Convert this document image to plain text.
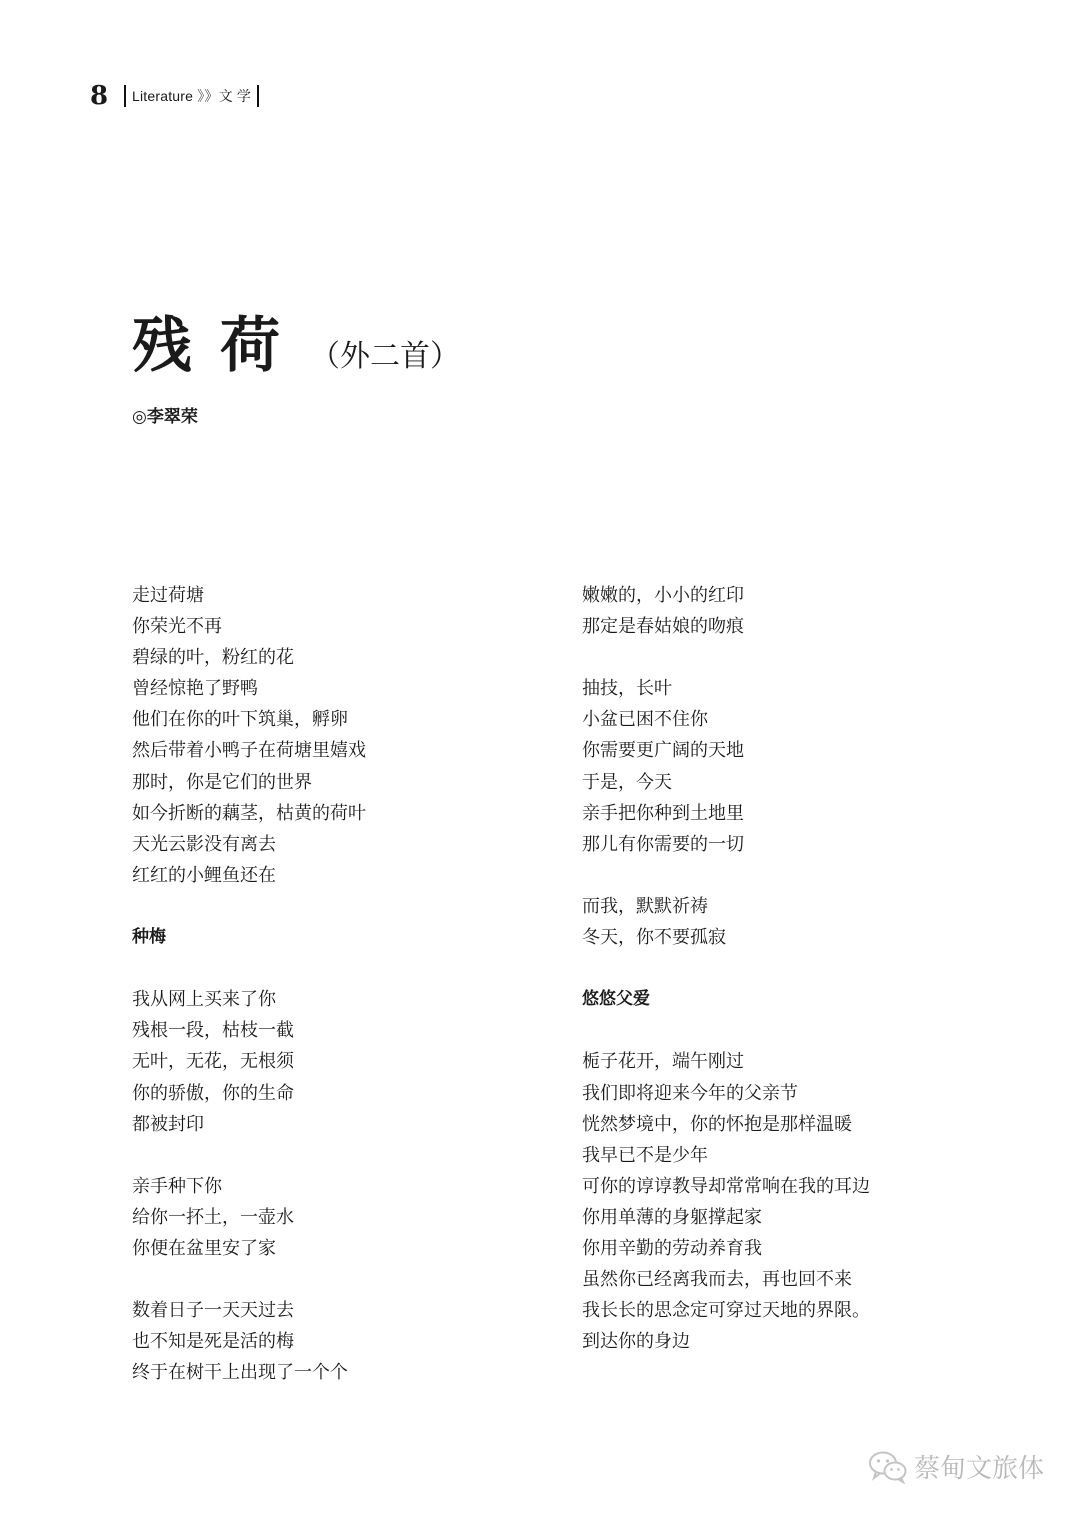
8	Literature 》》文 学
残荷 （外二首）
◎李翠荣
走过荷塘
你荣光不再
碧绿的叶，粉红的花
曾经惊艳了野鸭
他们在你的叶下筑巢，孵卵
然后带着小鸭子在荷塘里嬉戏
那时，你是它们的世界
如今折断的藕茎，枯黄的荷叶
天光云影没有离去
红红的小鲤鱼还在
种梅
我从网上买来了你
残根一段，枯枝一截
无叶，无花，无根须
你的骄傲，你的生命
都被封印
亲手种下你
给你一抔土，一壶水
你便在盆里安了家
数着日子一天天过去
也不知是死是活的梅
终于在树干上出现了一个个
嫩嫩的，小小的红印
那定是春姑娘的吻痕
抽技，长叶
小盆已困不住你
你需要更广阔的天地
于是，今天
亲手把你种到土地里
那儿有你需要的一切
而我，默默祈祷
冬天，你不要孤寂
悠悠父爱
栀子花开，端午刚过
我们即将迎来今年的父亲节
恍然梦境中，你的怀抱是那样温暖
我早已不是少年
可你的谆谆教导却常常响在我的耳边
你用单薄的身躯撑起家
你用辛勤的劳动养育我
虽然你已经离我而去，再也回不来
我长长的思念定可穿过天地的界限。
到达你的身边
蔡甸文旅体
